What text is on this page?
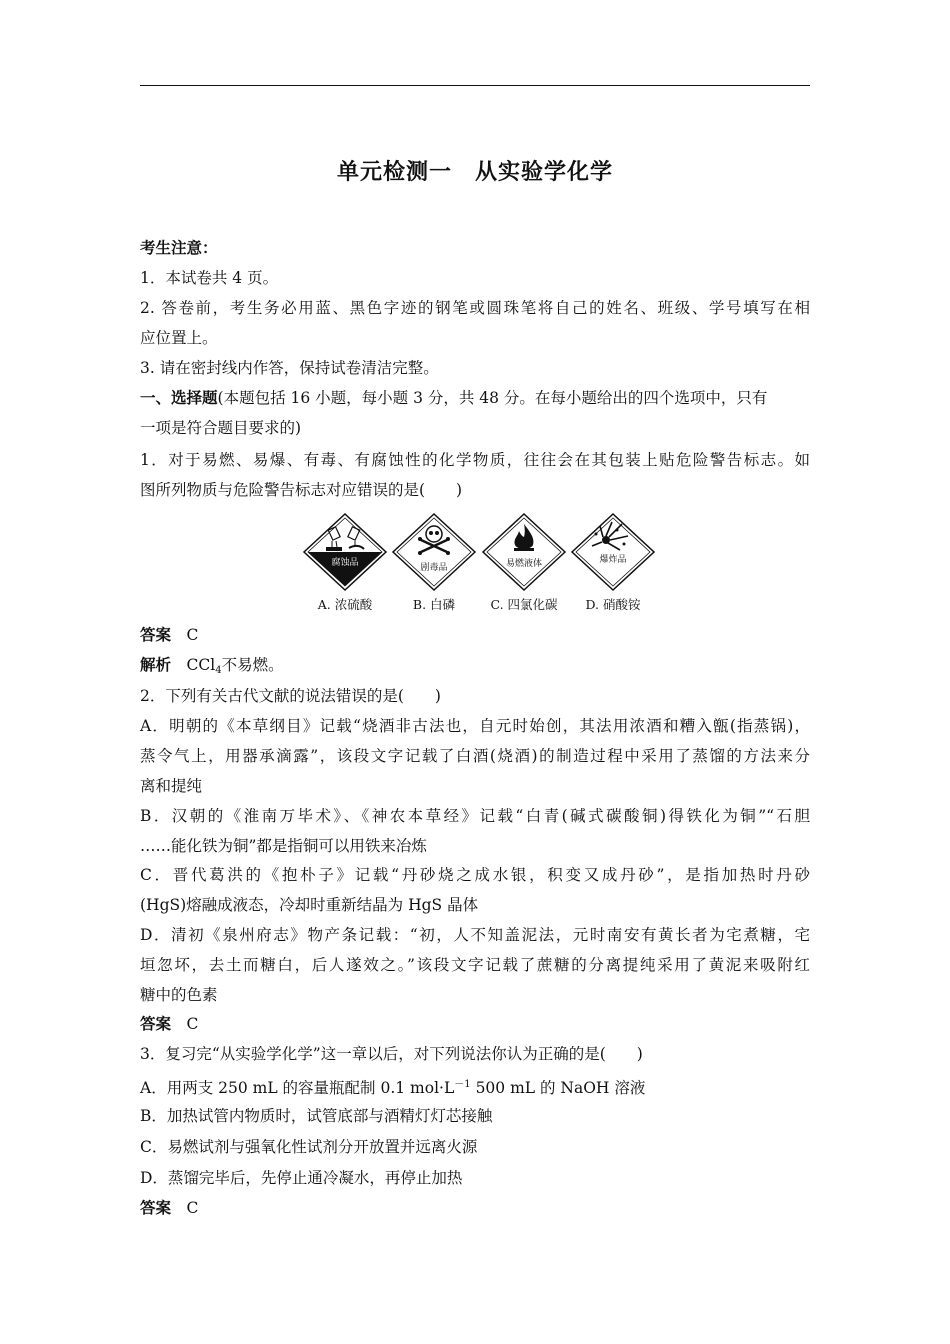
单元检测一　从实验学化学
考生注意：
1．本试卷共 4 页。
2. 答卷前，考生务必用蓝、黑色字迹的钢笔或圆珠笔将自己的姓名、班级、学号填写在相
应位置上。
3. 请在密封线内作答，保持试卷清洁完整。
一、选择题(本题包括 16 小题，每小题 3 分，共 48 分。在每小题给出的四个选项中，只有
一项是符合题目要求的)
1．对于易燃、易爆、有毒、有腐蚀性的化学物质，往往会在其包装上贴危险警告标志。如
图所列物质与危险警告标志对应错误的是(　　)
腐蚀品
A. 浓硫酸
剧毒品
B. 白磷
易燃液体
C. 四氯化碳
爆炸品
D. 硝酸铵
答案　 C
解析　 CCl$_4$不易燃。
2．下列有关古代文献的说法错误的是(　　)
A．明朝的《本草纲目》记载“烧酒非古法也，自元时始创，其法用浓酒和糟入甑(指蒸锅)，
蒸令气上，用器承滴露”，该段文字记载了白酒(烧酒)的制造过程中采用了蒸馏的方法来分
离和提纯
B．汉朝的《淮南万毕术》、《神农本草经》记载“白青(碱式碳酸铜)得铁化为铜”“石胆
……能化铁为铜”都是指铜可以用铁来冶炼
C．晋代葛洪的《抱朴子》记载“丹砂烧之成水银，积变又成丹砂”，是指加热时丹砂
(HgS)熔融成液态，冷却时重新结晶为 HgS 晶体
D．清初《泉州府志》物产条记载：“初，人不知盖泥法，元时南安有黄长者为宅煮糖，宅
垣忽坏，去土而糖白，后人遂效之。”该段文字记载了蔗糖的分离提纯采用了黄泥来吸附红
糖中的色素
答案　 C
3．复习完“从实验学化学”这一章以后，对下列说法你认为正确的是(　　)
A．用两支 250 mL 的容量瓶配制 0.1 $mol\cdot L^{-1}$ 500 mL 的 NaOH 溶液
B．加热试管内物质时，试管底部与酒精灯灯芯接触
C．易燃试剂与强氧化性试剂分开放置并远离火源
D．蒸馏完毕后，先停止通冷凝水，再停止加热
答案　 C
